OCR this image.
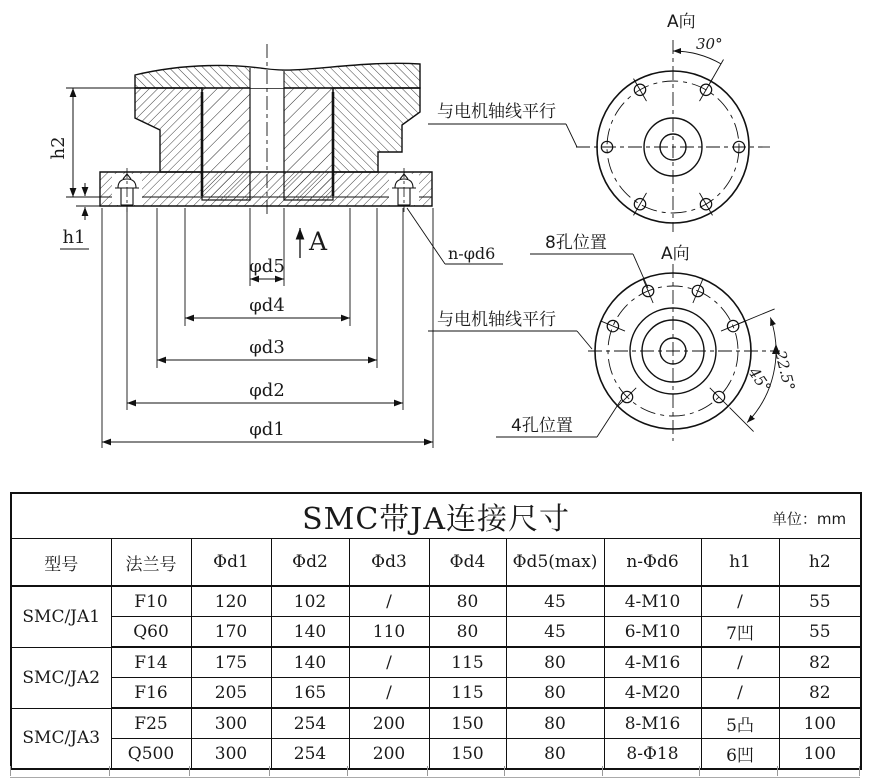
φd5
φd4
φd3
φd2
φd1
h2
h1	A	n-φd6
A向
30°
与电机轴线平行
A向
8孔位置
4孔位置
与电机轴线平行
45°
22.5°
SMC带JA连接尺寸 单位：mm									

型号	法兰号	Φd1	Φd2	Φd3	Φd4	Φd5(max)	n-Φd6	h1	h2
SMC/JA1	F10	120	102	/	80	45	4-M10	/	55
	Q60	170	140	110	80	45	6-M10	7凹	55
SMC/JA2	F14	175	140	/	115	80	4-M16	/	82
	F16	205	165	/	115	80	4-M20	/	82
SMC/JA3	F25	300	254	200	150	80	8-M16	5凸	100
	Q500	300	254	200	150	80	8-Φ18	6凹	100
